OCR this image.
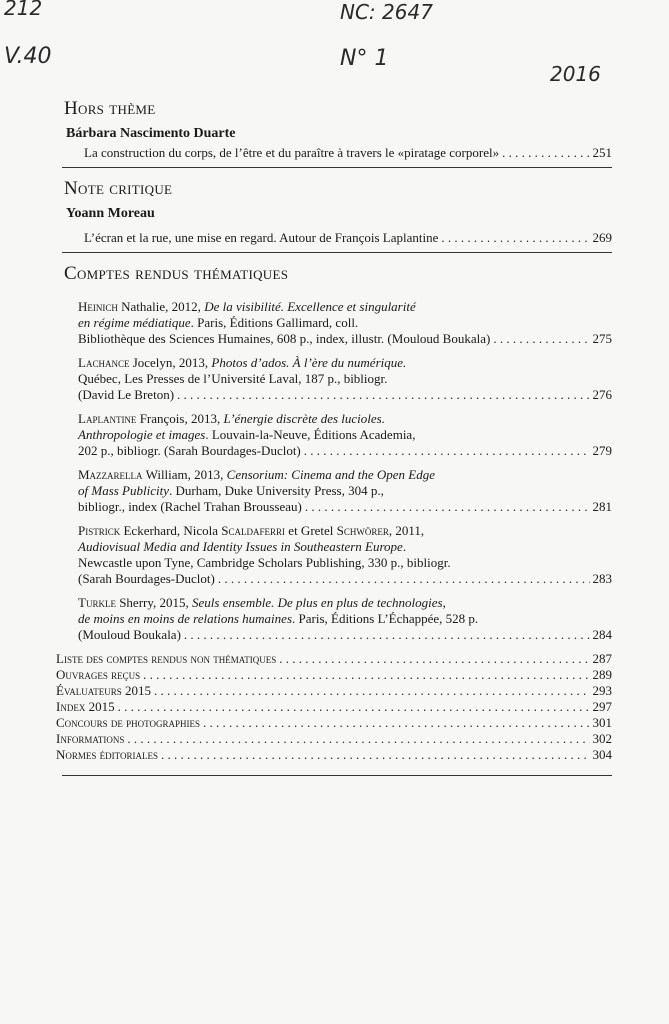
212
V.40
NC: 2647
N° 1
2016
Hors thème
Bárbara Nascimento Duarte
La construction du corps, de l’être et du paraître à travers le «piratage corporel» . . .	251
Note critique
Yoann Moreau
L’écran et la rue, une mise en regard. Autour de François Laplantine . . .	269
Comptes rendus thématiques
Heinich Nathalie, 2012, De la visibilité. Excellence et singularité
en régime médiatique. Paris, Éditions Gallimard, coll.
Bibliothèque des Sciences Humaines, 608 p., index, illustr. (Mouloud Boukala) . . .	275
Lachance Jocelyn, 2013, Photos d’ados. À l’ère du numérique.
Québec, Les Presses de l’Université Laval, 187 p., bibliogr.
(David Le Breton) . . .	276
Laplantine François, 2013, L’énergie discrète des lucioles.
Anthropologie et images. Louvain-la-Neuve, Éditions Academia,
202 p., bibliogr. (Sarah Bourdages-Duclot) . . .	279
Mazzarella William, 2013, Censorium: Cinema and the Open Edge
of Mass Publicity. Durham, Duke University Press, 304 p.,
bibliogr., index (Rachel Trahan Brousseau) . . .	281
Pistrick Eckerhard, Nicola Scaldaferri et Gretel Schwörer, 2011,
Audiovisual Media and Identity Issues in Southeastern Europe.
Newcastle upon Tyne, Cambridge Scholars Publishing, 330 p., bibliogr.
(Sarah Bourdages-Duclot) . . .	283
Turkle Sherry, 2015, Seuls ensemble. De plus en plus de technologies,
de moins en moins de relations humaines. Paris, Éditions L’Échappée, 528 p.
(Mouloud Boukala) . . .	284
Liste des comptes rendus non thématiques . . .	287
Ouvrages reçus . . .	289
Évaluateurs 2015 . . .	293
Index 2015 . . .	297
Concours de photographies . . .	301
Informations . . .	302
Normes éditoriales . . .	304
